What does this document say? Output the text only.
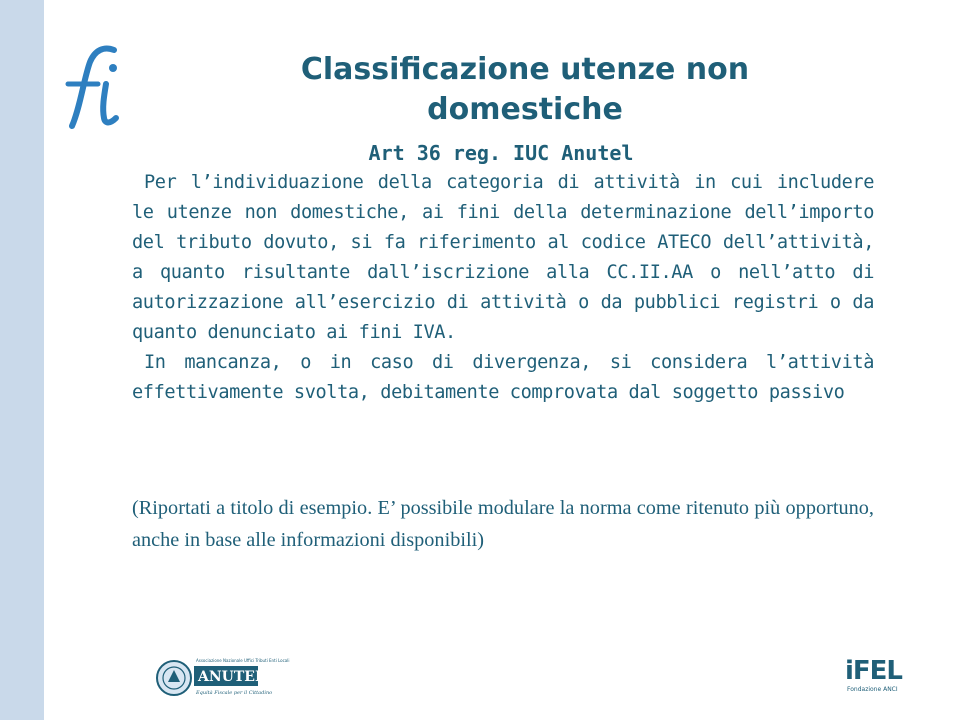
Classificazione utenze non domestiche
Art 36 reg. IUC Anutel

Per l’individuazione della categoria di attività in cui includere le utenze non domestiche, ai fini della determinazione dell’importo del tributo dovuto, si fa riferimento al codice ATECO dell’attività, a quanto risultante dall’iscrizione alla CC.II.AA o nell’atto di autorizzazione all’esercizio di attività o da pubblici registri o da quanto denunciato ai fini IVA.

In mancanza, o in caso di divergenza, si considera l’attività effettivamente svolta, debitamente comprovata dal soggetto passivo

(Riportati a titolo di esempio. E’ possibile modulare la norma come ritenuto più opportuno, anche in base alle informazioni disponibili)
Associazione Nazionale Uffici Tributi Enti Locali
ANUTEL
Equità Fiscale per il Cittadino
iFEL
Fondazione ANCI
